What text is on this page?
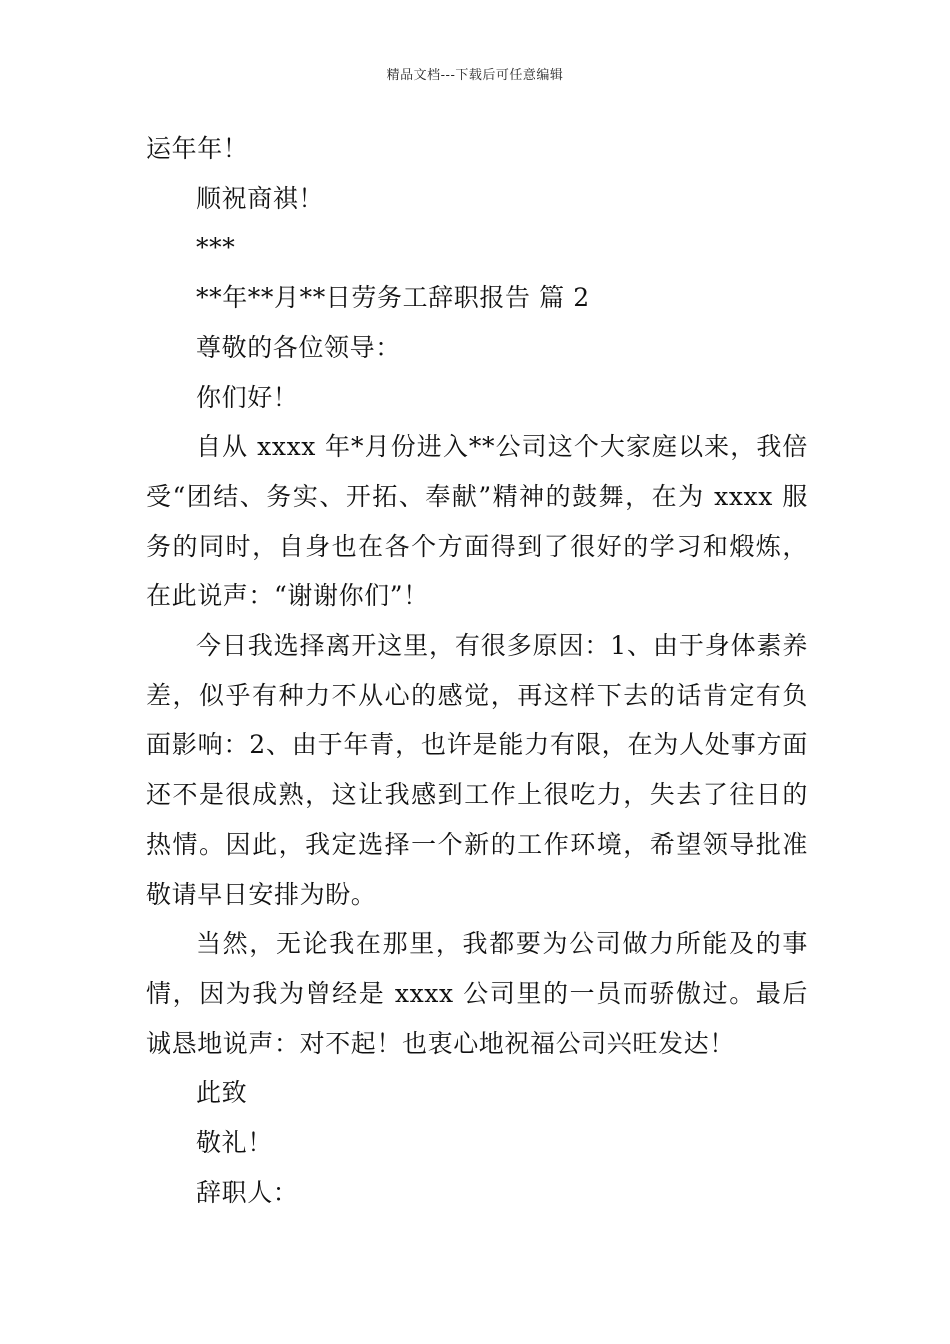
精品文档---下载后可任意编辑

运年年！

顺祝商祺！

***

**年**月**日劳务工辞职报告 篇 2

尊敬的各位领导：

你们好！

自从 xxxx 年*月份进入**公司这个大家庭以来，我倍受“团结、务实、开拓、奉献”精神的鼓舞，在为 xxxx 服务的同时，自身也在各个方面得到了很好的学习和煅炼，在此说声：“谢谢你们”！

今日我选择离开这里，有很多原因：1、由于身体素养差，似乎有种力不从心的感觉，再这样下去的话肯定有负面影响：2、由于年青，也许是能力有限，在为人处事方面还不是很成熟，这让我感到工作上很吃力，失去了往日的热情。因此，我定选择一个新的工作环境，希望领导批准敬请早日安排为盼。

当然，无论我在那里，我都要为公司做力所能及的事情，因为我为曾经是 xxxx 公司里的一员而骄傲过。最后诚恳地说声：对不起！也衷心地祝福公司兴旺发达！

此致

敬礼！

辞职人：
